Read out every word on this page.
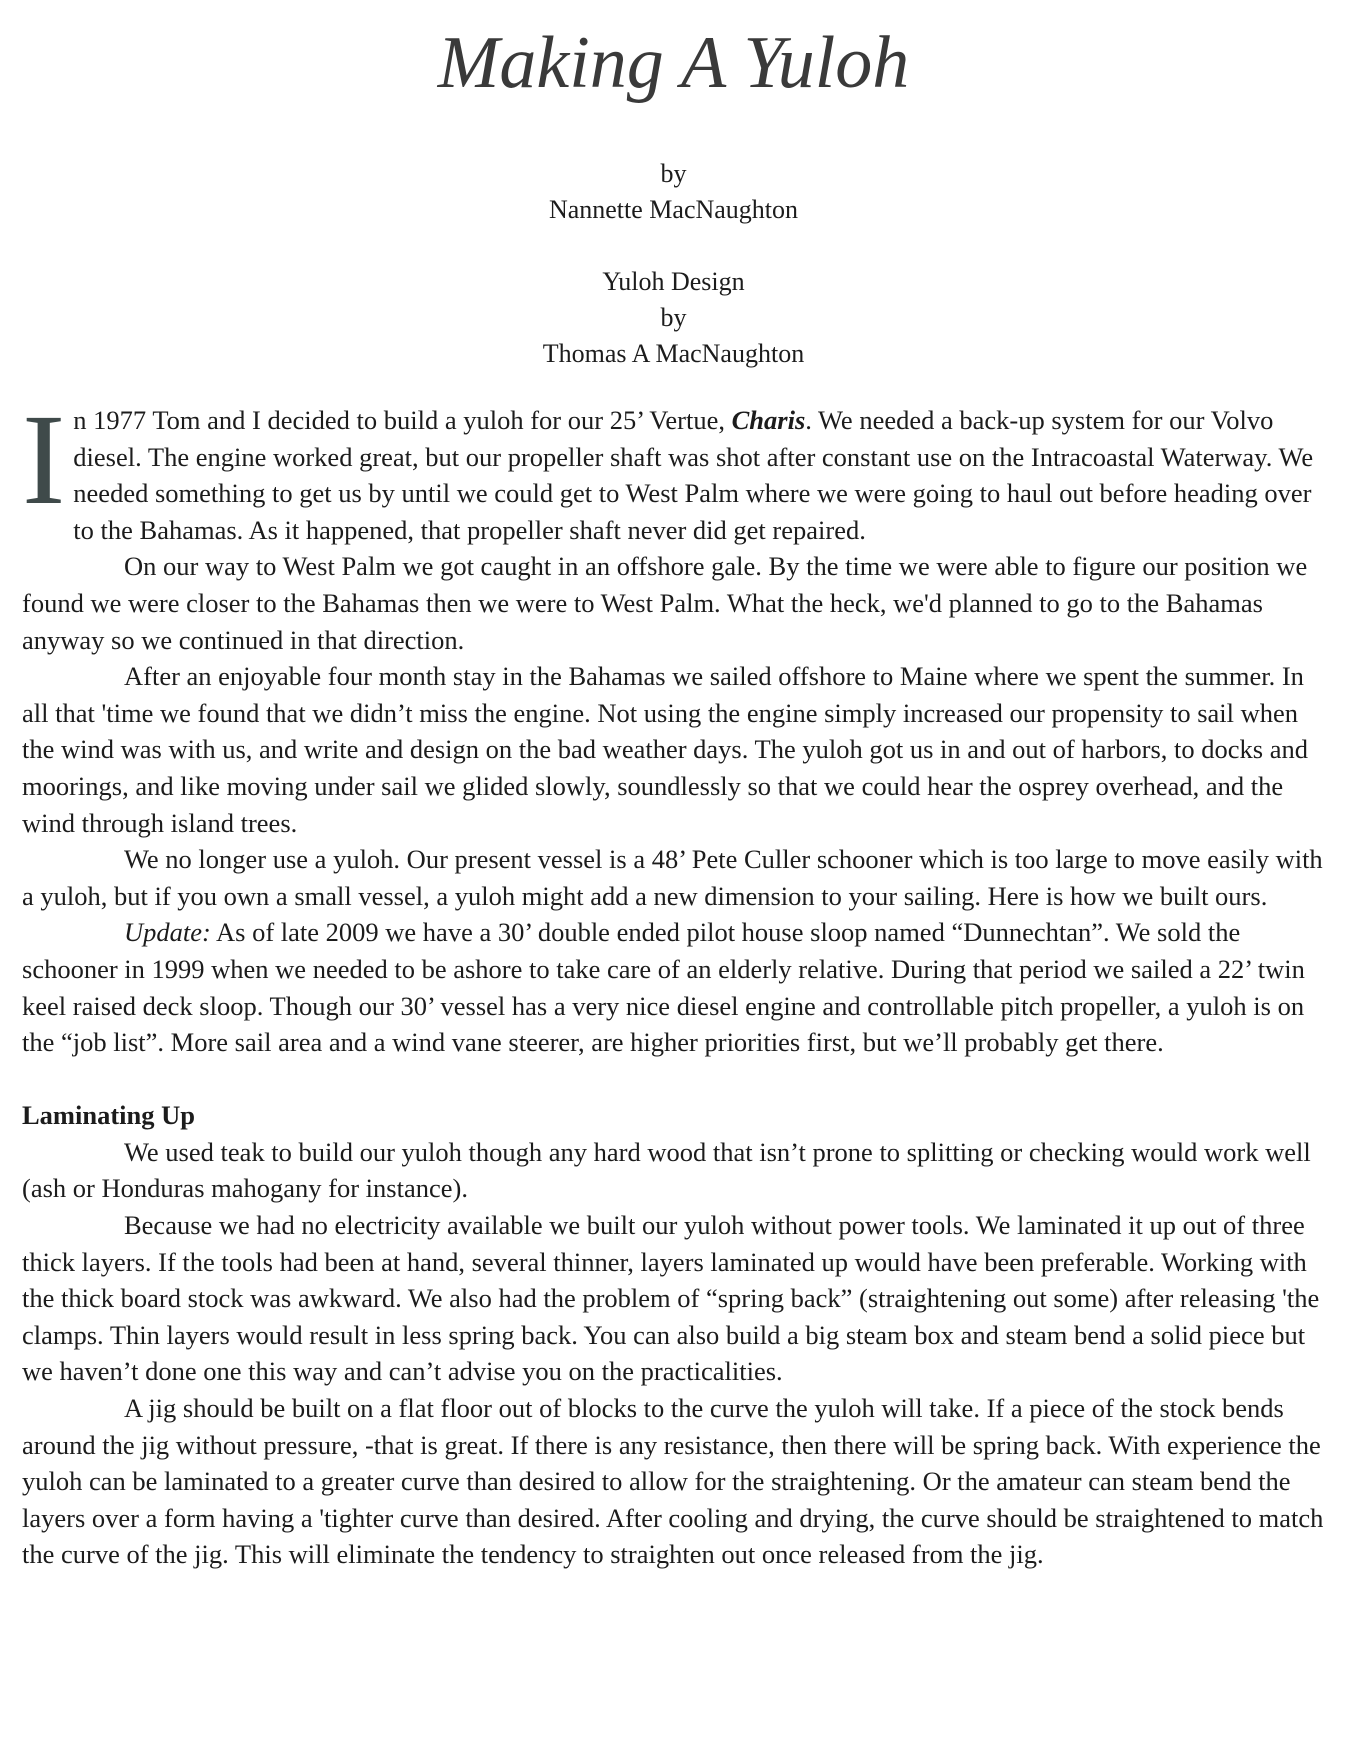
Making A Yuloh
by
Nannette MacNaughton
Yuloh Design
by
Thomas A MacNaughton

In 1977 Tom and I decided to build a yuloh for our 25’ Vertue, Charis. We needed a back-up system for our Volvo diesel. The engine worked great, but our propeller shaft was shot after constant use on the Intracoastal Waterway. We needed something to get us by until we could get to West Palm where we were going to haul out before heading over to the Bahamas. As it happened, that propeller shaft never did get repaired.

On our way to West Palm we got caught in an offshore gale. By the time we were able to figure our position we found we were closer to the Bahamas then we were to West Palm. What the heck, we'd planned to go to the Bahamas anyway so we continued in that direction.

After an enjoyable four month stay in the Bahamas we sailed offshore to Maine where we spent the summer. In all that 'time we found that we didn’t miss the engine. Not using the engine simply increased our propensity to sail when the wind was with us, and write and design on the bad weather days. The yuloh got us in and out of harbors, to docks and moorings, and like moving under sail we glided slowly, soundlessly so that we could hear the osprey overhead, and the wind through island trees.

We no longer use a yuloh. Our present vessel is a 48’ Pete Culler schooner which is too large to move easily with a yuloh, but if you own a small vessel, a yuloh might add a new dimension to your sailing. Here is how we built ours.

Update: As of late 2009 we have a 30’ double ended pilot house sloop named “Dunnechtan”. We sold the schooner in 1999 when we needed to be ashore to take care of an elderly relative. During that period we sailed a 22’ twin keel raised deck sloop. Though our 30’ vessel has a very nice diesel engine and controllable pitch propeller, a yuloh is on the “job list”. More sail area and a wind vane steerer, are higher priorities first, but we’ll probably get there.

Laminating Up

We used teak to build our yuloh though any hard wood that isn’t prone to splitting or checking would work well (ash or Honduras mahogany for instance).

Because we had no electricity available we built our yuloh without power tools. We laminated it up out of three thick layers. If the tools had been at hand, several thinner, layers laminated up would have been preferable. Working with the thick board stock was awkward. We also had the problem of “spring back” (straightening out some) after releasing 'the clamps. Thin layers would result in less spring back. You can also build a big steam box and steam bend a solid piece but we haven’t done one this way and can’t advise you on the practicalities.

A jig should be built on a flat floor out of blocks to the curve the yuloh will take. If a piece of the stock bends around the jig without pressure, -that is great. If there is any resistance, then there will be spring back. With experience the yuloh can be laminated to a greater curve than desired to allow for the straightening. Or the amateur can steam bend the layers over a form having a 'tighter curve than desired. After cooling and drying, the curve should be straightened to match the curve of the jig. This will eliminate the tendency to straighten out once released from the jig.
